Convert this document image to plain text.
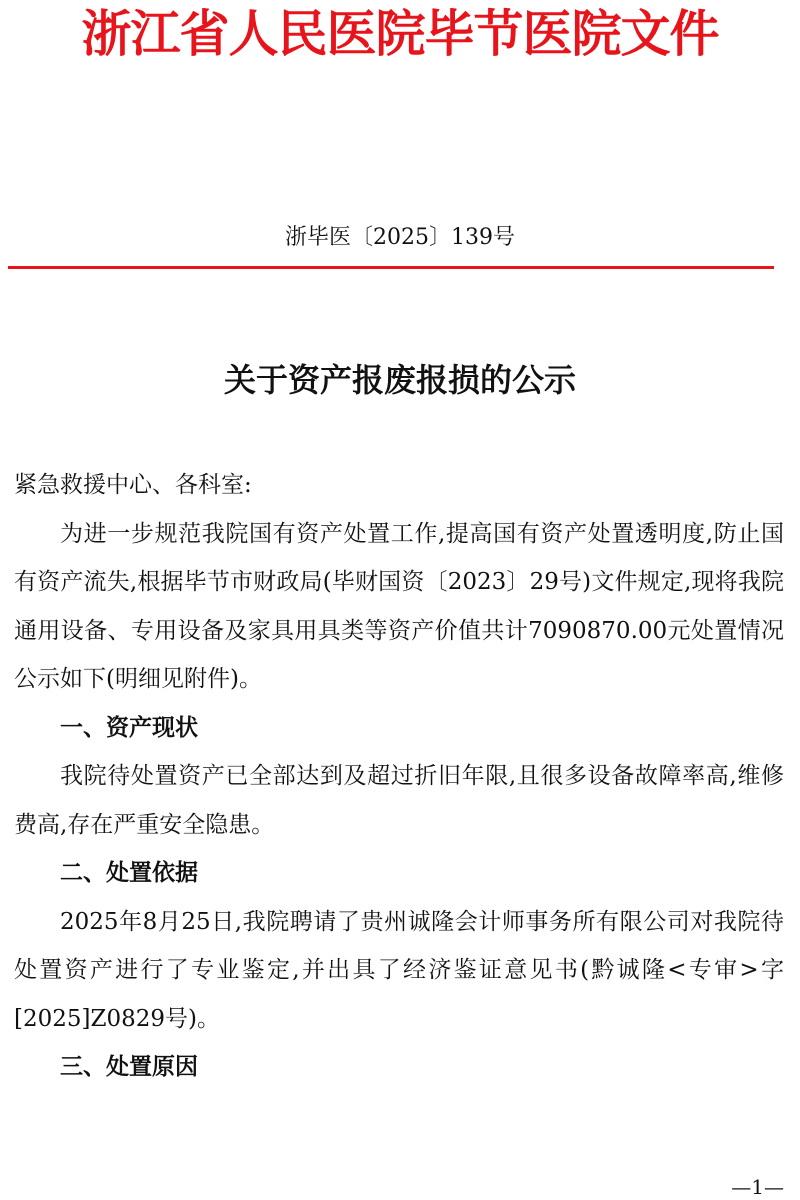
浙江省人民医院毕节医院文件
浙毕医〔2025〕139号
关于资产报废报损的公示

紧急救援中心、各科室:

为进一步规范我院国有资产处置工作,提高国有资产处置透明度,防止国有资产流失,根据毕节市财政局(毕财国资〔2023〕29号)文件规定,现将我院通用设备、专用设备及家具用具类等资产价值共计7090870.00元处置情况公示如下(明细见附件)。

一、资产现状

我院待处置资产已全部达到及超过折旧年限,且很多设备故障率高,维修费高,存在严重安全隐患。

二、处置依据

2025年8月25日,我院聘请了贵州诚隆会计师事务所有限公司对我院待处置资产进行了专业鉴定,并出具了经济鉴证意见书(黔诚隆<专审>字[2025]Z0829号)。

三、处置原因

—1—
